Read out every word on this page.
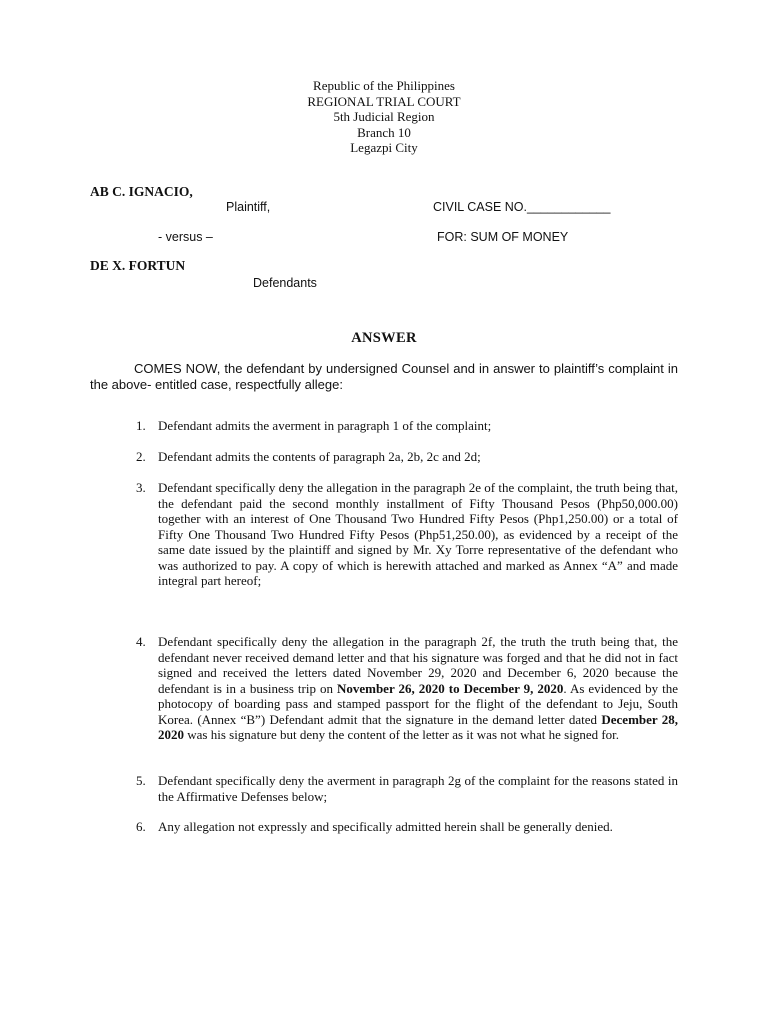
Republic of the Philippines
REGIONAL TRIAL COURT
5th Judicial Region
Branch 10
Legazpi City
AB C. IGNACIO,
Plaintiff,	CIVIL CASE NO.____________
- versus –	FOR: SUM OF MONEY
DE X. FORTUN
Defendants
ANSWER
COMES NOW, the defendant by undersigned Counsel and in answer to plaintiff’s complaint in the above- entitled case, respectfully allege:
1. Defendant admits the averment in paragraph 1 of the complaint;
2. Defendant admits the contents of paragraph 2a, 2b, 2c and 2d;
3. Defendant specifically deny the allegation in the paragraph 2e of the complaint, the truth being that, the defendant paid the second monthly installment of Fifty Thousand Pesos (Php50,000.00) together with an interest of One Thousand Two Hundred Fifty Pesos (Php1,250.00) or a total of Fifty One Thousand Two Hundred Fifty Pesos (Php51,250.00), as evidenced by a receipt of the same date issued by the plaintiff and signed by Mr. Xy Torre representative of the defendant who was authorized to pay. A copy of which is herewith attached and marked as Annex “A” and made integral part hereof;
4. Defendant specifically deny the allegation in the paragraph 2f, the truth the truth being that, the defendant never received demand letter and that his signature was forged and that he did not in fact signed and received the letters dated November 29, 2020 and December 6, 2020 because the defendant is in a business trip on November 26, 2020 to December 9, 2020. As evidenced by the photocopy of boarding pass and stamped passport for the flight of the defendant to Jeju, South Korea. (Annex “B”) Defendant admit that the signature in the demand letter dated December 28, 2020 was his signature but deny the content of the letter as it was not what he signed for.
5. Defendant specifically deny the averment in paragraph 2g of the complaint for the reasons stated in the Affirmative Defenses below;
6. Any allegation not expressly and specifically admitted herein shall be generally denied.
